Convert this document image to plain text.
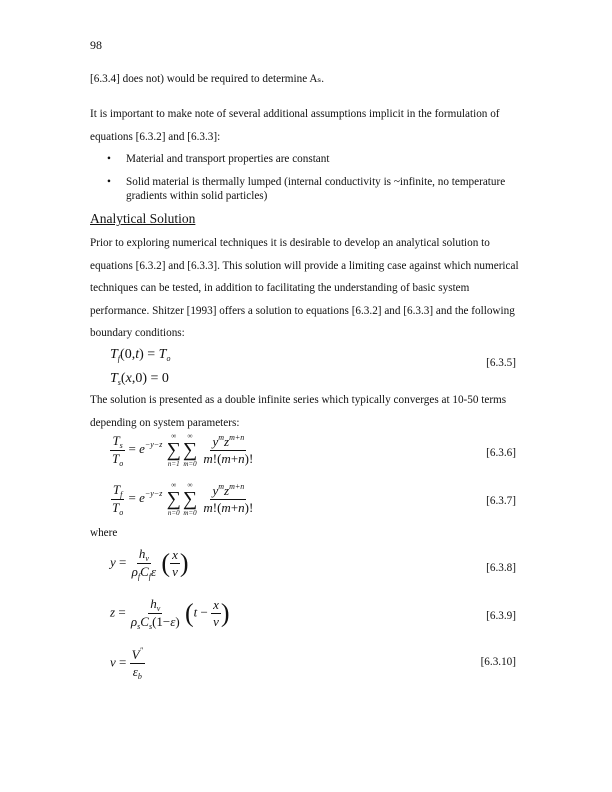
98
[6.3.4] does not) would be required to determine Aₛ.
It is important to make note of several additional assumptions implicit in the formulation of equations [6.3.2] and [6.3.3]:
• Material and transport properties are constant
• Solid material is thermally lumped (internal conductivity is ~infinite, no temperature gradients within solid particles)
Analytical Solution
Prior to exploring numerical techniques it is desirable to develop an analytical solution to equations [6.3.2] and [6.3.3]. This solution will provide a limiting case against which numerical techniques can be tested, in addition to facilitating the understanding of basic system performance. Shitzer [1993] offers a solution to equations [6.3.2] and [6.3.3] and the following boundary conditions:
$T_f(0,t) = T_o$
$T_s(x,0) = 0$
[6.3.5]
The solution is presented as a double infinite series which typically converges at 10-50 terms depending on system parameters:
$\frac{T_s}{T_o} = e^{-y-z}$
∞
∑
n=1
∞
∑
m=0
$\frac{y^mz^{m+n}}{m!(m+n)!}$	[6.3.6]
$\frac{T_f}{T_o} = e^{-y-z}$
∞
∑
n=0
∞
∑
m=0
$\frac{y^mz^{m+n}}{m!(m+n)!}$	[6.3.7]
where
$y = \frac{h_v}{\rho_fC_f\varepsilon}$ ( $\frac{x}{v}$ )	[6.3.8]
$z = \frac{h_v}{\rho_sC_s(1-\varepsilon)} (t - \frac{x}{v}$ )	[6.3.9]
$v = \frac{V''}{\varepsilon_b}$	[6.3.10]
